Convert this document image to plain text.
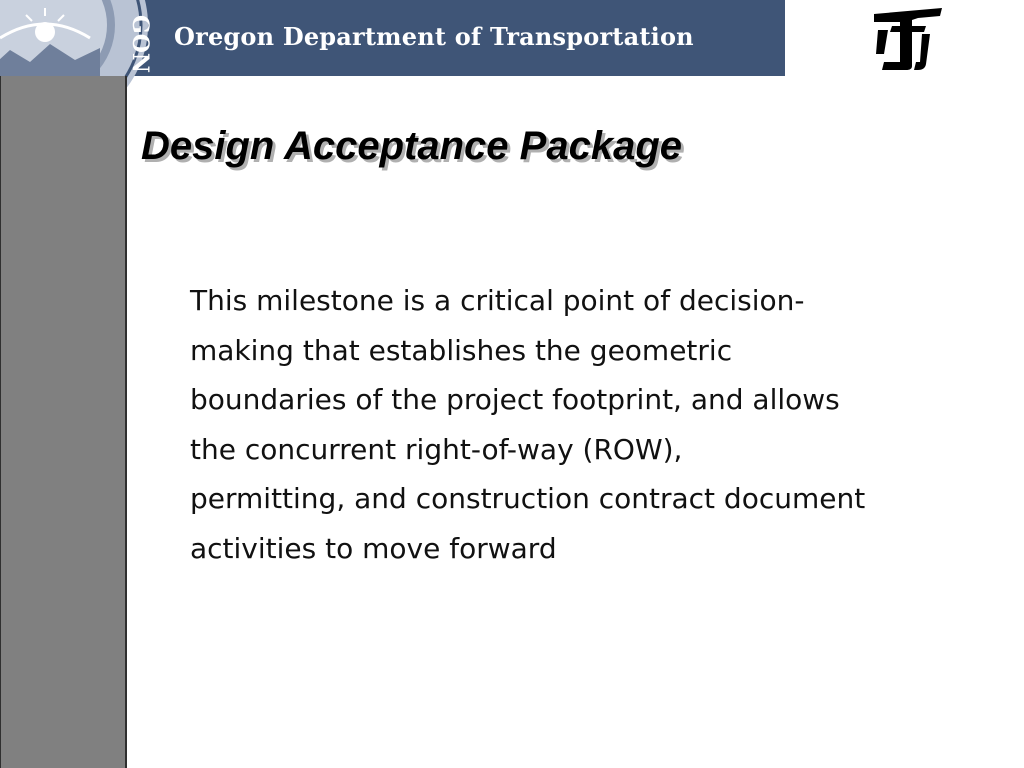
GON Oregon Department of Transportation
Design Acceptance Package
This milestone is a critical point of decision-
making that establishes the geometric
boundaries of the project footprint, and allows
the concurrent right-of-way (ROW),
permitting, and construction contract document
activities to move forward
